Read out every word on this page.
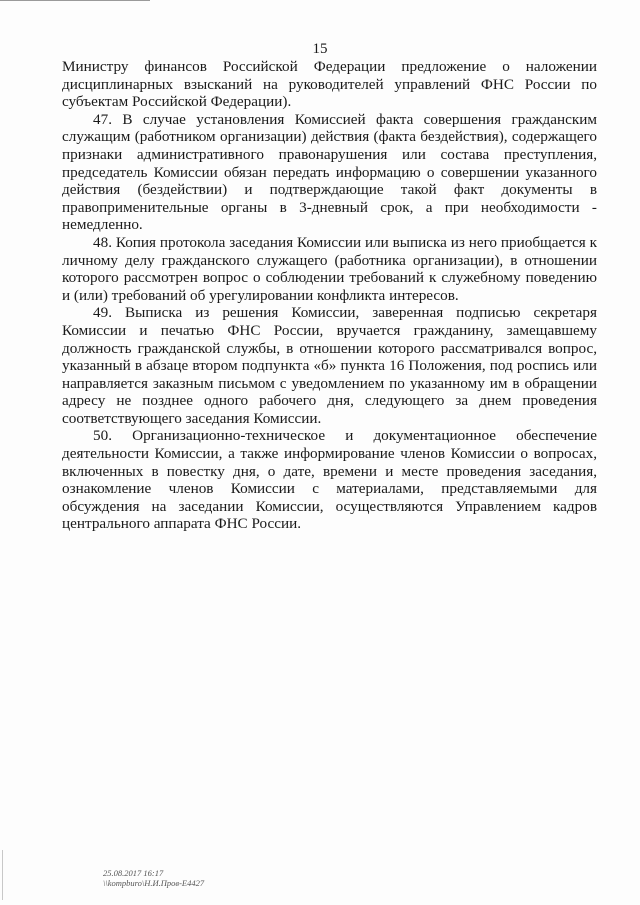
15

Министру финансов Российской Федерации предложение о наложении дисциплинарных взысканий на руководителей управлений ФНС России по субъектам Российской Федерации).

47. В случае установления Комиссией факта совершения гражданским служащим (работником организации) действия (факта бездействия), содержащего признаки административного правонарушения или состава преступления, председатель Комиссии обязан передать информацию о совершении указанного действия (бездействии) и подтверждающие такой факт документы в правоприменительные органы в 3-дневный срок, а при необходимости - немедленно.

48. Копия протокола заседания Комиссии или выписка из него приобщается к личному делу гражданского служащего (работника организации), в отношении которого рассмотрен вопрос о соблюдении требований к служебному поведению и (или) требований об урегулировании конфликта интересов.

49. Выписка из решения Комиссии, заверенная подписью секретаря Комиссии и печатью ФНС России, вручается гражданину, замещавшему должность гражданской службы, в отношении которого рассматривался вопрос, указанный в абзаце втором подпункта «б» пункта 16 Положения, под роспись или направляется заказным письмом с уведомлением по указанному им в обращении адресу не позднее одного рабочего дня, следующего за днем проведения соответствующего заседания Комиссии.

50. Организационно-техническое и документационное обеспечение деятельности Комиссии, а также информирование членов Комиссии о вопросах, включенных в повестку дня, о дате, времени и месте проведения заседания, ознакомление членов Комиссии с материалами, представляемыми для обсуждения на заседании Комиссии, осуществляются Управлением кадров центрального аппарата ФНС России.

25.08.2017 16:17
\\kompburo\Н.И.Пров-Е4427
